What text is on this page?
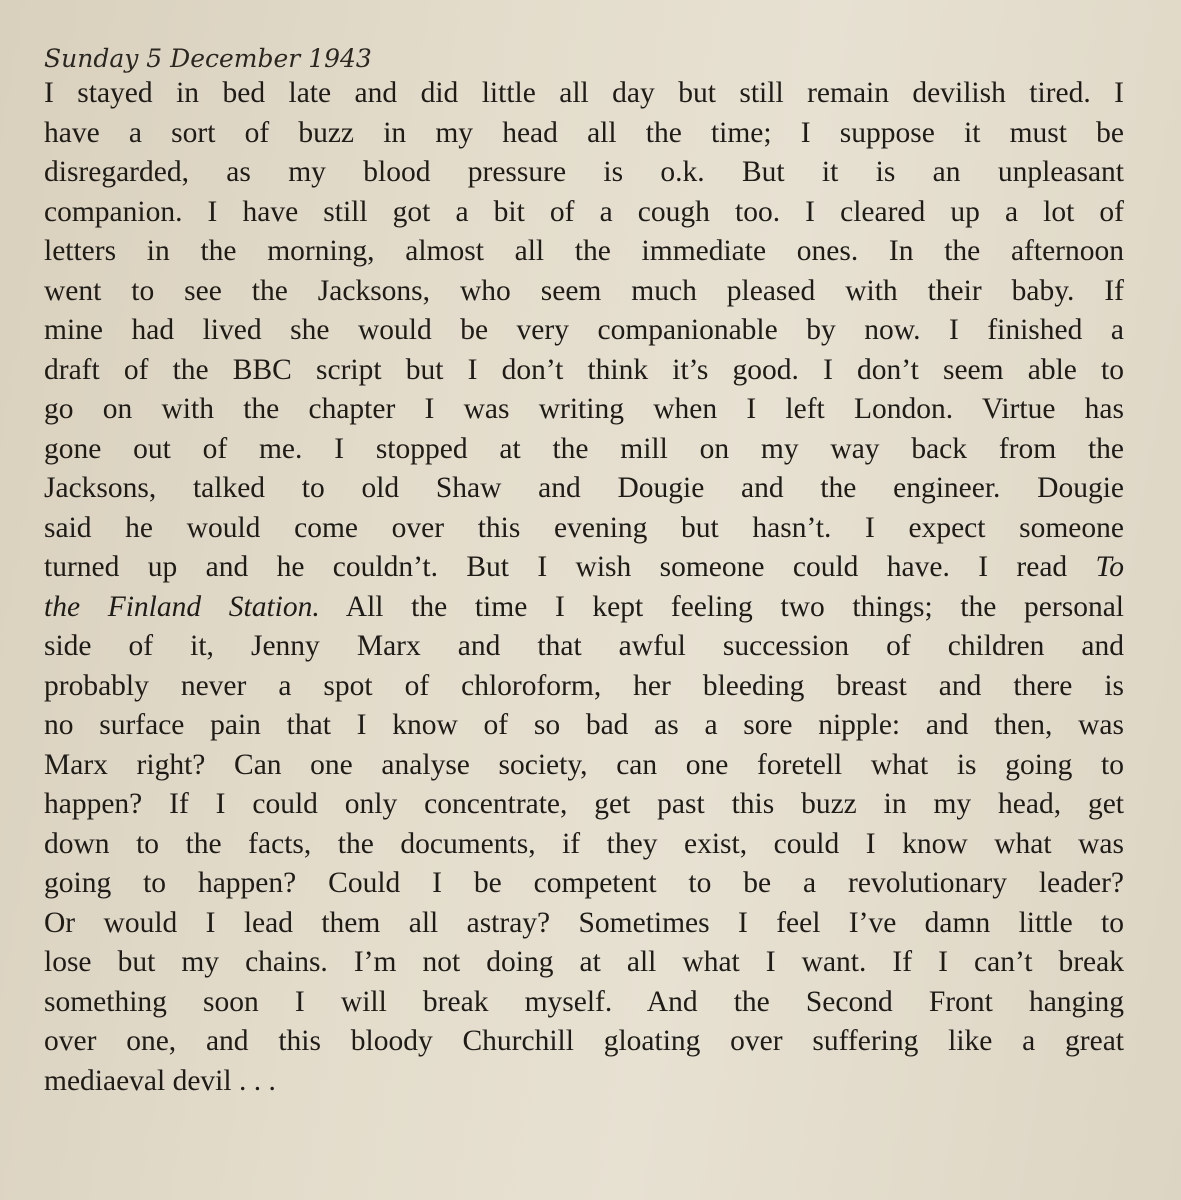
Sunday 5 December 1943
I stayed in bed late and did little all day but still remain devilish tired. I
have a sort of buzz in my head all the time; I suppose it must be
disregarded, as my blood pressure is o.k. But it is an unpleasant
companion. I have still got a bit of a cough too. I cleared up a lot of
letters in the morning, almost all the immediate ones. In the afternoon
went to see the Jacksons, who seem much pleased with their baby. If
mine had lived she would be very companionable by now. I finished a
draft of the BBC script but I don’t think it’s good. I don’t seem able to
go on with the chapter I was writing when I left London. Virtue has
gone out of me. I stopped at the mill on my way back from the
Jacksons, talked to old Shaw and Dougie and the engineer. Dougie
said he would come over this evening but hasn’t. I expect someone
turned up and he couldn’t. But I wish someone could have. I read To
the Finland Station. All the time I kept feeling two things; the personal
side of it, Jenny Marx and that awful succession of children and
probably never a spot of chloroform, her bleeding breast and there is
no surface pain that I know of so bad as a sore nipple: and then, was
Marx right? Can one analyse society, can one foretell what is going to
happen? If I could only concentrate, get past this buzz in my head, get
down to the facts, the documents, if they exist, could I know what was
going to happen? Could I be competent to be a revolutionary leader?
Or would I lead them all astray? Sometimes I feel I’ve damn little to
lose but my chains. I’m not doing at all what I want. If I can’t break
something soon I will break myself. And the Second Front hanging
over one, and this bloody Churchill gloating over suffering like a great
mediaeval devil . . .
